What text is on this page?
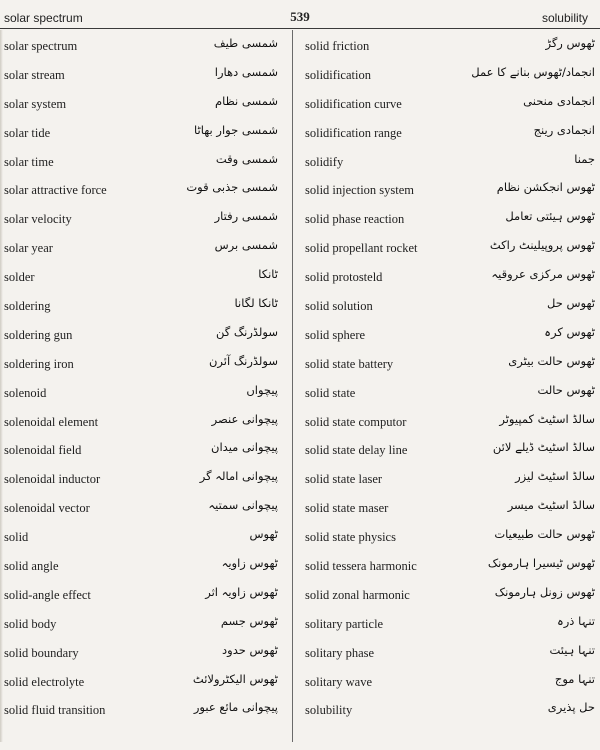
solar spectrum	539	solubility
solar spectrum	شمسی طیف
solar stream	شمسی دھارا
solar system	شمسی نظام
solar tide	شمسی جوار بھاٹا
solar time	شمسی وقت
solar attractive force	شمسی جذبی قوت
solar velocity	شمسی رفتار
solar year	شمسی برس
solder	ٹانکا
soldering	ٹانکا لگانا
soldering gun	سولڈرنگ گن
soldering iron	سولڈرنگ آئرن
solenoid	پیچواں
solenoidal element	پیچوانی عنصر
solenoidal field	پیچوانی میدان
solenoidal inductor	پیچوانی امالہ گر
solenoidal vector	پیچوانی سمتیہ
solid	ٹھوس
solid angle	ٹھوس زاویہ
solid-angle effect	ٹھوس زاویہ اثر
solid body	ٹھوس جسم
solid boundary	ٹھوس حدود
solid electrolyte	ٹھوس الیکٹرولائٹ
solid fluid transition	پیچوانی مائع عبور
solid friction	ٹھوس رگڑ
solidification	انجماد/ٹھوس بنانے کا عمل
solidification curve	انجمادی منحنی
solidification range	انجمادی رینج
solidify	جمنا
solid injection system	ٹھوس انجکشن نظام
solid phase reaction	ٹھوس ہیئتی تعامل
solid propellant rocket	ٹھوس پروپیلینٹ راکٹ
solid protosteld	ٹھوس مرکزی عروقیہ
solid solution	ٹھوس حل
solid sphere	ٹھوس کرہ
solid state battery	ٹھوس حالت بیٹری
solid state	ٹھوس حالت
solid state computor	سالڈ اسٹیٹ کمپیوٹر
solid state delay line	سالڈ اسٹیٹ ڈیلے لائن
solid state laser	سالڈ اسٹیٹ لیزر
solid state maser	سالڈ اسٹیٹ میسر
solid state physics	ٹھوس حالت طبیعیات
solid tessera harmonic	ٹھوس ٹیسیرا ہارمونک
solid zonal harmonic	ٹھوس زونل ہارمونک
solitary particle	تنہا ذرہ
solitary phase	تنہا ہیئت
solitary wave	تنہا موج
solubility	حل پذیری
